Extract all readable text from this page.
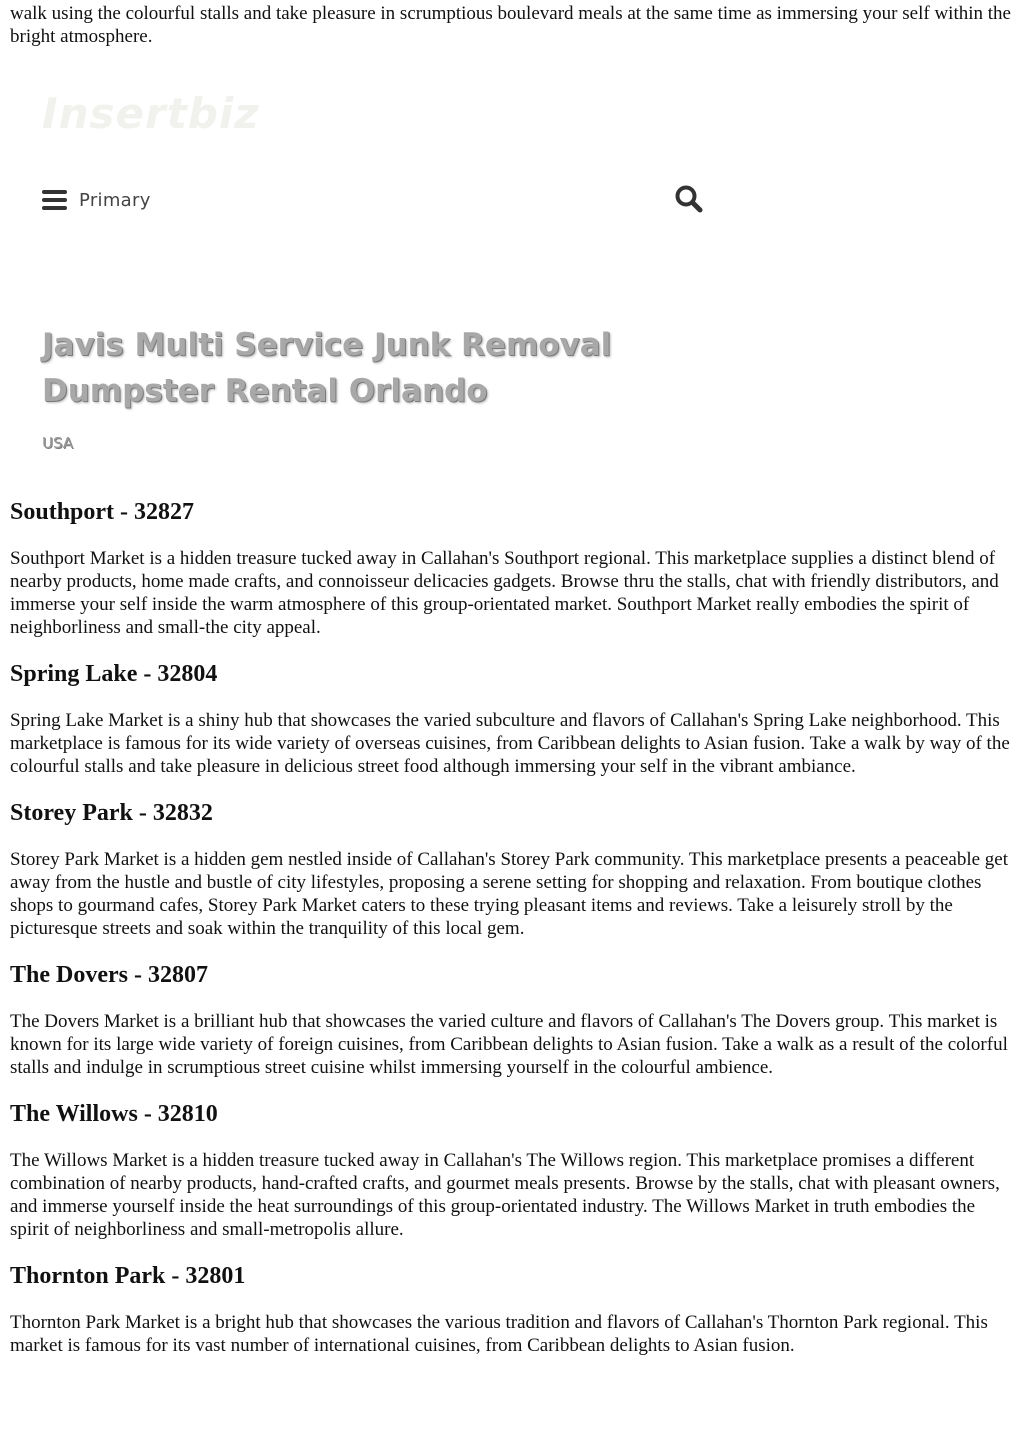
walk using the colourful stalls and take pleasure in scrumptious boulevard meals at the same time as immersing your self within the bright atmosphere.

Insertbiz
Primary
Javis Multi Service Junk Removal Dumpster Rental Orlando

USA

Southport - 32827

Southport Market is a hidden treasure tucked away in Callahan's Southport regional. This marketplace supplies a distinct blend of nearby products, home made crafts, and connoisseur delicacies gadgets. Browse thru the stalls, chat with friendly distributors, and immerse your self inside the warm atmosphere of this group-orientated market. Southport Market really embodies the spirit of neighborliness and small-the city appeal.

Spring Lake - 32804

Spring Lake Market is a shiny hub that showcases the varied subculture and flavors of Callahan's Spring Lake neighborhood. This marketplace is famous for its wide variety of overseas cuisines, from Caribbean delights to Asian fusion. Take a walk by way of the colourful stalls and take pleasure in delicious street food although immersing your self in the vibrant ambiance.

Storey Park - 32832

Storey Park Market is a hidden gem nestled inside of Callahan's Storey Park community. This marketplace presents a peaceable get away from the hustle and bustle of city lifestyles, proposing a serene setting for shopping and relaxation. From boutique clothes shops to gourmand cafes, Storey Park Market caters to these trying pleasant items and reviews. Take a leisurely stroll by the picturesque streets and soak within the tranquility of this local gem.

The Dovers - 32807

The Dovers Market is a brilliant hub that showcases the varied culture and flavors of Callahan's The Dovers group. This market is known for its large wide variety of foreign cuisines, from Caribbean delights to Asian fusion. Take a walk as a result of the colorful stalls and indulge in scrumptious street cuisine whilst immersing yourself in the colourful ambience.

The Willows - 32810

The Willows Market is a hidden treasure tucked away in Callahan's The Willows region. This marketplace promises a different combination of nearby products, hand-crafted crafts, and gourmet meals presents. Browse by the stalls, chat with pleasant owners, and immerse yourself inside the heat surroundings of this group-orientated industry. The Willows Market in truth embodies the spirit of neighborliness and small-metropolis allure.

Thornton Park - 32801

Thornton Park Market is a bright hub that showcases the various tradition and flavors of Callahan's Thornton Park regional. This market is famous for its vast number of international cuisines, from Caribbean delights to Asian fusion.
